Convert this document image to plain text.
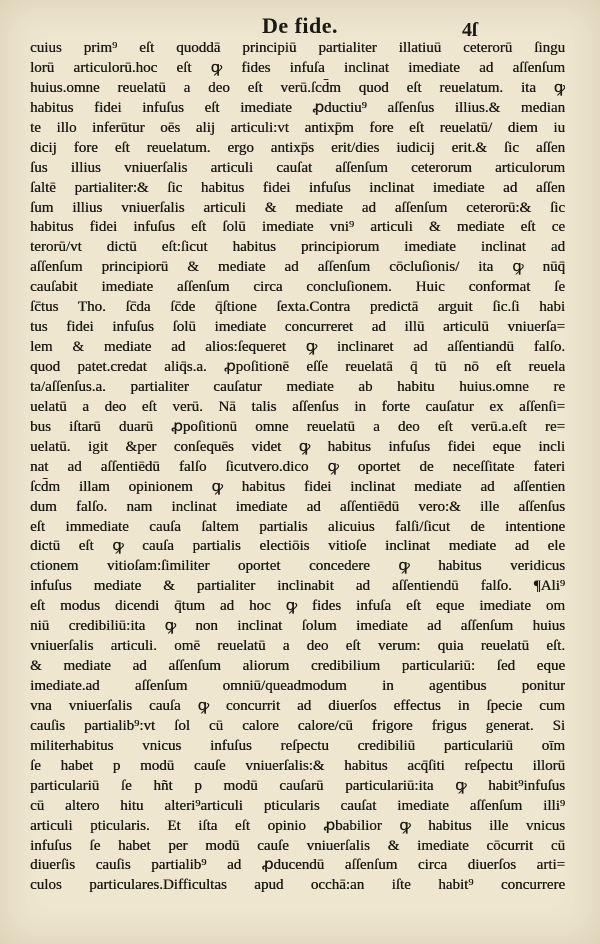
De fide.	4ſ
cuius prim⁹ eſt quoddā principiū partialiter illatiuū ceterorū ſingu
lorū articulorū.hoc eſt ꝙ fides infuſa inclinat imediate ad aſſenſum
huius.omne reuelatū a deo eſt verū.ſcd̄m quod eſt reuelatum. ita ꝙ
habitus fidei infuſus eſt imediate ꝓductiu⁹ aſſenſus illius.& median
te illo inferūtur oēs alij articuli:vt antixp̄m fore eſt reuelatū/ diem iu
dicij fore eſt reuelatum. ergo antixp̄s erit/dies iudicij erit.& ſic aſſen
ſus illius vniuerſalis articuli cauſat aſſenſum ceterorum articulorum
ſaltē partialiter:& ſic habitus fidei infuſus inclinat imediate ad aſſen
ſum illius vniuerſalis articuli & mediate ad aſſenſum ceterorū:& ſic
habitus fidei infuſus eſt ſolū imediate vni⁹ articuli & mediate eſt ce
terorū/vt dictū eſt:ſicut habitus principiorum imediate inclinat ad
aſſenſum principiorū & mediate ad aſſenſum cōcluſionis/ ita ꝙ nūq̄
cauſabit imediate aſſenſum circa concluſionem. Huic conformat ſe
ſc̄tus Tho. ſc̄da ſc̄de q̄ſtione ſexta.Contra predictā arguit ſic.ſi habi
tus fidei infuſus ſolū imediate concurreret ad illū articulū vniuerſa=
lem & mediate ad alios:ſequeret ꝙ inclinaret ad aſſentiandū falſo.
quod patet.credat aliq̄s.a. ꝓpoſitionē eſſe reuelatā q̄ tū nō eſt reuela
ta/aſſenſus.a. partialiter cauſatur mediate ab habitu huius.omne re
uelatū a deo eſt verū. Nā talis aſſenſus in forte cauſatur ex aſſenſi=
bus iſtarū duarū ꝓpoſitionū omne reuelatū a deo eſt verū.a.eſt re=
uelatū. igit &per conſequēs videt ꝙ habitus infuſus fidei eque incli
nat ad aſſentiēdū falſo ſicutvero.dico ꝙ oportet de neceſſitate fateri
ſcd̄m illam opinionem ꝙ habitus fidei inclinat mediate ad aſſentien
dum falſo. nam inclinat imediate ad aſſentiēdū vero:& ille aſſenſus
eſt immediate cauſa ſaltem partialis alicuius falſi/ſicut de intentione
dictū eſt ꝙ cauſa partialis electiōis vitioſe inclinat mediate ad ele
ctionem vitioſam:ſimiliter oportet concedere ꝙ habitus veridicus
infuſus mediate & partialiter inclinabit ad aſſentiendū falſo. ¶Ali⁹
eſt modus dicendi q̄tum ad hoc ꝙ fides infuſa eſt eque imediate om
niū credibiliū:ita ꝙ non inclinat ſolum imediate ad aſſenſum huius
vniuerſalis articuli. omē reuelatū a deo eſt verum: quia reuelatū eſt.
& mediate ad aſſenſum aliorum credibilium particulariū: ſed eque
imediate.ad aſſenſum omniū/queadmodum in agentibus ponitur
vna vniuerſalis cauſa ꝙ concurrit ad diuerſos effectus in ſpecie cum
cauſis partialib⁹:vt ſol cū calore calore/cū frigore frigus generat. Si
militerhabitus vnicus infuſus reſpectu credibiliū particulariū oīm
ſe habet p modū cauſe vniuerſalis:& habitus acq̄ſiti reſpectu illorū
particulariū ſe hñt p modū cauſarū particulariū:ita ꝙ habit⁹infuſus
cū altero hitu alteri⁹articuli pticularis cauſat imediate aſſenſum illi⁹
articuli pticularis. Et iſta eſt opinio ꝓbabilior ꝙ habitus ille vnicus
infuſus ſe habet per modū cauſe vniuerſalis & imediate cōcurrit cū
diuerſis cauſis partialib⁹ ad ꝓducendū aſſenſum circa diuerſos arti=
culos particulares.Difficultas apud occhā:an iſte habit⁹ concurrere
